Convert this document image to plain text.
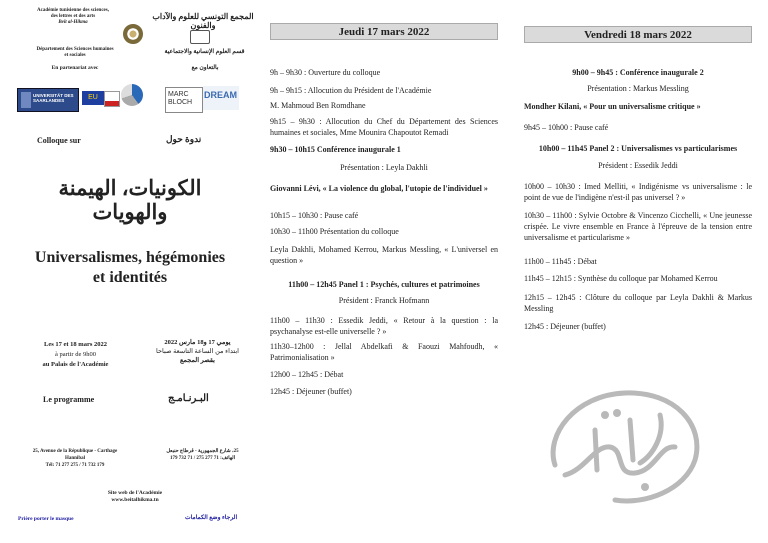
Académie tunisienne des sciences,
des lettres et des arts
Beït al-Hikma
المجمع التونسي للعلوم والآداب والفنون
Département des Sciences humaines
et sociales
قسم العلوم الإنسانية والاجتماعية
En partenariat avec	بالتعاون مع
UNIVERSITÄT DES SAARLANDES	EU	MARC BLOCH
DREAM
Colloque sur	ندوة حول
الكونيات، الهيمنة
والهويات
Universalismes, hégémonies
et identités
Les 17 et 18 mars 2022
à partir de 9h00
au Palais de l'Académie
يومي 17 و18 مارس 2022
ابتداء من الساعة التاسعة صباحا
بقصر المجمع
Le programme	البـرنـامـج
25, Avenue de la République - Carthage
Hannibal
Tél: 71 277 275 / 71 732 179
25، شارع الجمهورية - قرطاج حنبعل
الهاتف: 71 277 275 / 71 732 179
Site web de l'Académie
www.beitalhikma.tn
Prière porter le masque	الرجاء وضع الكمامات
Jeudi 17 mars 2022
9h – 9h30 : Ouverture du colloque
9h – 9h15 : Allocution du Président de l'Académie
M. Mahmoud Ben Romdhane
9h15 – 9h30 : Allocution du Chef du Département des Sciences humaines et sociales, Mme Mounira Chapoutot Remadi
9h30 – 10h15 Conférence inaugurale 1
Présentation : Leyla Dakhli
Giovanni Lévi, « La violence du global, l'utopie de l'individuel »
10h15 – 10h30 : Pause café
10h30 – 11h00 Présentation du colloque
Leyla Dakhli, Mohamed Kerrou, Markus Messling, « L'universel en question »
11h00 – 12h45 Panel 1 : Psychés, cultures et patrimoines
Président : Franck Hofmann
11h00 – 11h30 : Essedik Jeddi, « Retour à la question : la psychanalyse est-elle universelle ? »
11h30–12h00 : Jellal Abdelkafi & Faouzi Mahfoudh, « Patrimonialisation »
12h00 – 12h45 : Débat
12h45 : Déjeuner (buffet)
Vendredi 18 mars 2022
9h00 – 9h45 : Conférence inaugurale 2
Présentation : Markus Messling
Mondher Kilani, « Pour un universalisme critique »
9h45 – 10h00 : Pause café
10h00 – 11h45 Panel 2 : Universalismes vs particularismes
Président : Essedik Jeddi
10h00 – 10h30 : Imed Melliti, « Indigénisme vs universalisme : le point de vue de l'indigène n'est-il pas universel ? »
10h30 – 11h00 : Sylvie Octobre & Vincenzo Cicchelli, « Une jeunesse crispée. Le vivre ensemble en France à l'épreuve de la tension entre universalisme et particularisme »
11h00 – 11h45 : Débat
11h45 – 12h15 : Synthèse du colloque par Mohamed Kerrou
12h15 – 12h45 : Clôture du colloque par Leyla Dakhli & Markus Messling
12h45 : Déjeuner (buffet)
